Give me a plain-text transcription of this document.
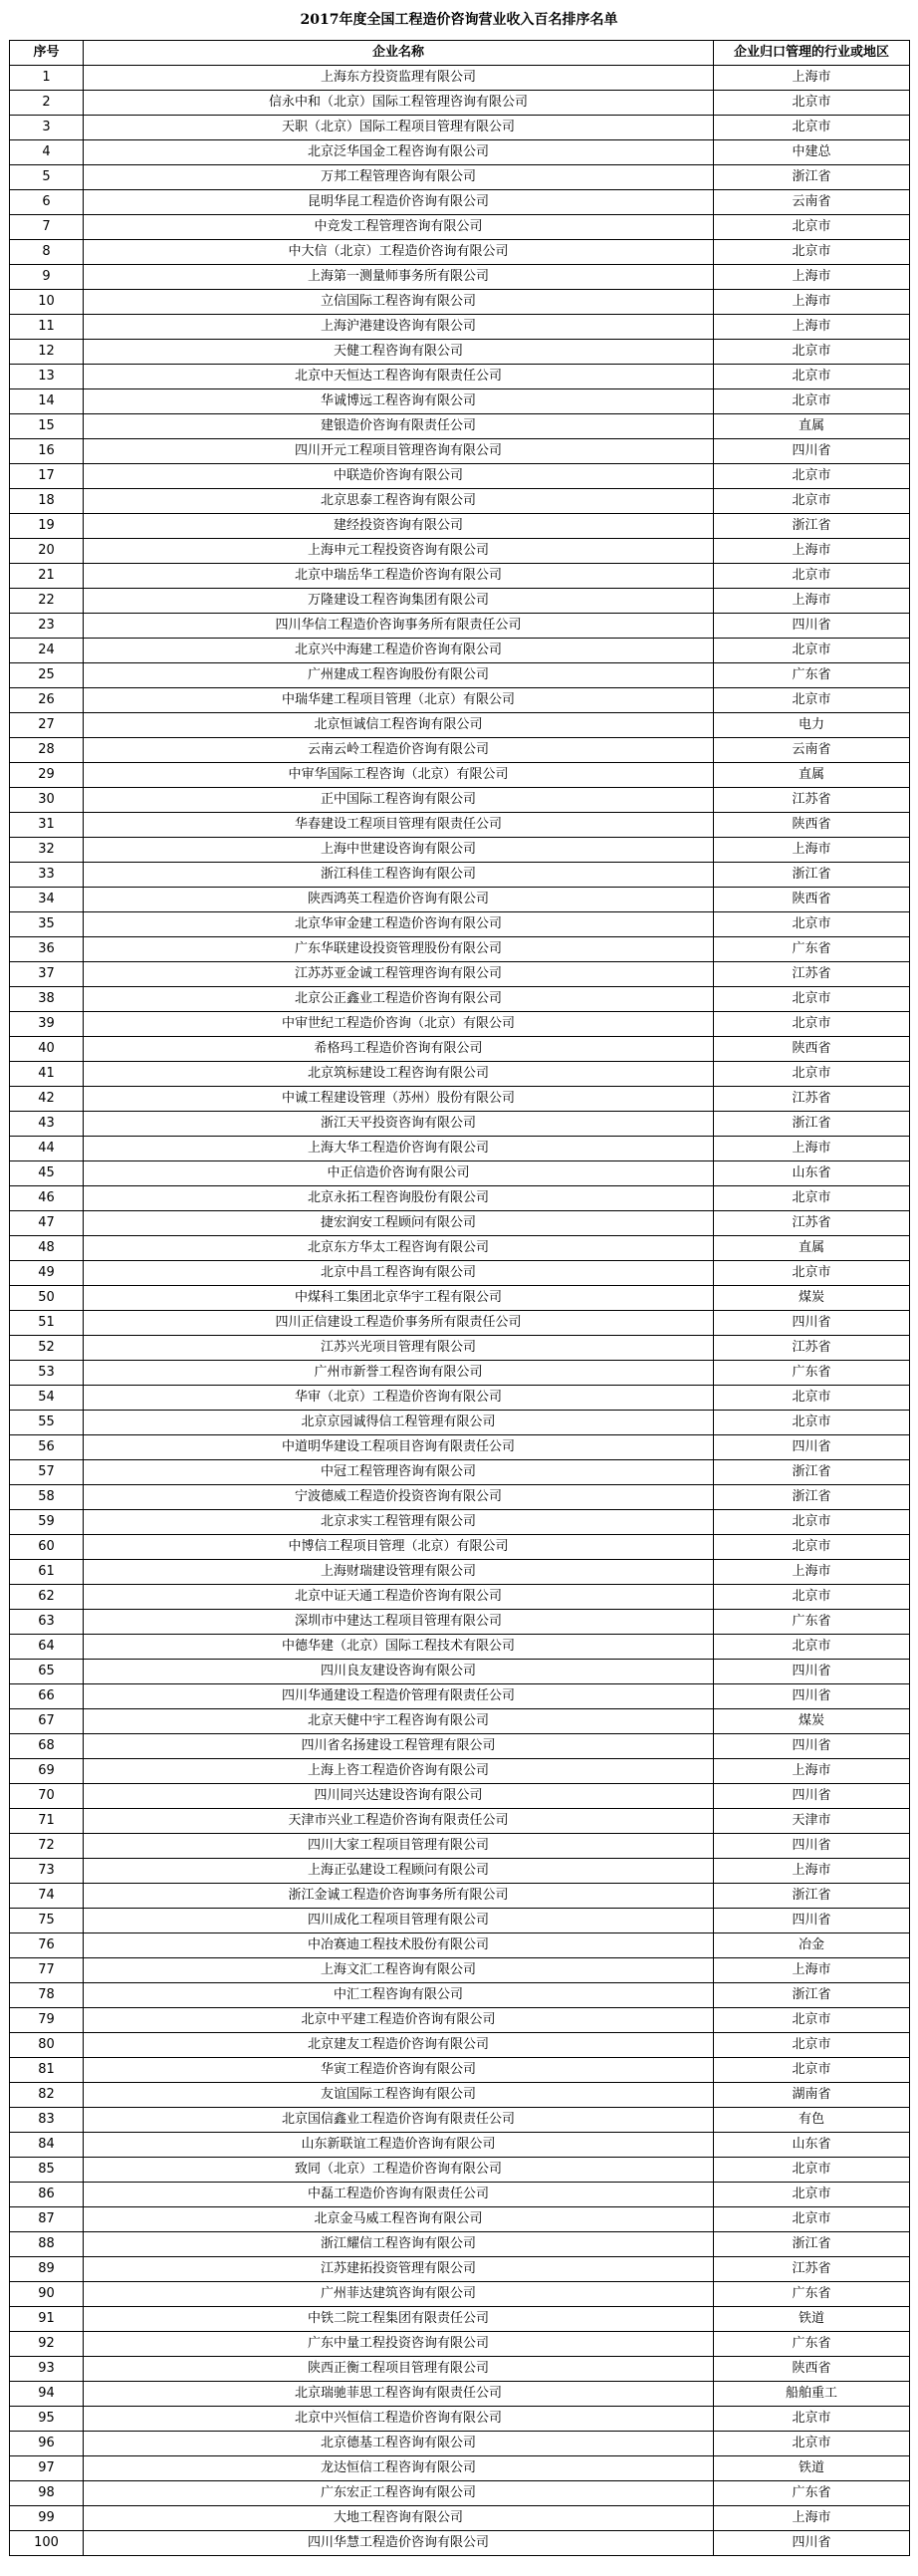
2017年度全国工程造价咨询营业收入百名排序名单
序号	企业名称	企业归口管理的行业或地区
1	上海东方投资监理有限公司	上海市
2	信永中和（北京）国际工程管理咨询有限公司	北京市
3	天职（北京）国际工程项目管理有限公司	北京市
4	北京泛华国金工程咨询有限公司	中建总
5	万邦工程管理咨询有限公司	浙江省
6	昆明华昆工程造价咨询有限公司	云南省
7	中竞发工程管理咨询有限公司	北京市
8	中大信（北京）工程造价咨询有限公司	北京市
9	上海第一测量师事务所有限公司	上海市
10	立信国际工程咨询有限公司	上海市
11	上海沪港建设咨询有限公司	上海市
12	天健工程咨询有限公司	北京市
13	北京中天恒达工程咨询有限责任公司	北京市
14	华诚博远工程咨询有限公司	北京市
15	建银造价咨询有限责任公司	直属
16	四川开元工程项目管理咨询有限公司	四川省
17	中联造价咨询有限公司	北京市
18	北京思泰工程咨询有限公司	北京市
19	建经投资咨询有限公司	浙江省
20	上海申元工程投资咨询有限公司	上海市
21	北京中瑞岳华工程造价咨询有限公司	北京市
22	万隆建设工程咨询集团有限公司	上海市
23	四川华信工程造价咨询事务所有限责任公司	四川省
24	北京兴中海建工程造价咨询有限公司	北京市
25	广州建成工程咨询股份有限公司	广东省
26	中瑞华建工程项目管理（北京）有限公司	北京市
27	北京恒诚信工程咨询有限公司	电力
28	云南云岭工程造价咨询有限公司	云南省
29	中审华国际工程咨询（北京）有限公司	直属
30	正中国际工程咨询有限公司	江苏省
31	华春建设工程项目管理有限责任公司	陕西省
32	上海中世建设咨询有限公司	上海市
33	浙江科佳工程咨询有限公司	浙江省
34	陕西鸿英工程造价咨询有限公司	陕西省
35	北京华审金建工程造价咨询有限公司	北京市
36	广东华联建设投资管理股份有限公司	广东省
37	江苏苏亚金诚工程管理咨询有限公司	江苏省
38	北京公正鑫业工程造价咨询有限公司	北京市
39	中审世纪工程造价咨询（北京）有限公司	北京市
40	希格玛工程造价咨询有限公司	陕西省
41	北京筑标建设工程咨询有限公司	北京市
42	中诚工程建设管理（苏州）股份有限公司	江苏省
43	浙江天平投资咨询有限公司	浙江省
44	上海大华工程造价咨询有限公司	上海市
45	中正信造价咨询有限公司	山东省
46	北京永拓工程咨询股份有限公司	北京市
47	捷宏润安工程顾问有限公司	江苏省
48	北京东方华太工程咨询有限公司	直属
49	北京中昌工程咨询有限公司	北京市
50	中煤科工集团北京华宇工程有限公司	煤炭
51	四川正信建设工程造价事务所有限责任公司	四川省
52	江苏兴光项目管理有限公司	江苏省
53	广州市新誉工程咨询有限公司	广东省
54	华审（北京）工程造价咨询有限公司	北京市
55	北京京园诚得信工程管理有限公司	北京市
56	中道明华建设工程项目咨询有限责任公司	四川省
57	中冠工程管理咨询有限公司	浙江省
58	宁波德威工程造价投资咨询有限公司	浙江省
59	北京求实工程管理有限公司	北京市
60	中博信工程项目管理（北京）有限公司	北京市
61	上海财瑞建设管理有限公司	上海市
62	北京中证天通工程造价咨询有限公司	北京市
63	深圳市中建达工程项目管理有限公司	广东省
64	中德华建（北京）国际工程技术有限公司	北京市
65	四川良友建设咨询有限公司	四川省
66	四川华通建设工程造价管理有限责任公司	四川省
67	北京天健中宇工程咨询有限公司	煤炭
68	四川省名扬建设工程管理有限公司	四川省
69	上海上咨工程造价咨询有限公司	上海市
70	四川同兴达建设咨询有限公司	四川省
71	天津市兴业工程造价咨询有限责任公司	天津市
72	四川大家工程项目管理有限公司	四川省
73	上海正弘建设工程顾问有限公司	上海市
74	浙江金诚工程造价咨询事务所有限公司	浙江省
75	四川成化工程项目管理有限公司	四川省
76	中冶赛迪工程技术股份有限公司	冶金
77	上海文汇工程咨询有限公司	上海市
78	中汇工程咨询有限公司	浙江省
79	北京中平建工程造价咨询有限公司	北京市
80	北京建友工程造价咨询有限公司	北京市
81	华寅工程造价咨询有限公司	北京市
82	友谊国际工程咨询有限公司	湖南省
83	北京国信鑫业工程造价咨询有限责任公司	有色
84	山东新联谊工程造价咨询有限公司	山东省
85	致同（北京）工程造价咨询有限公司	北京市
86	中磊工程造价咨询有限责任公司	北京市
87	北京金马威工程咨询有限公司	北京市
88	浙江耀信工程咨询有限公司	浙江省
89	江苏建拓投资管理有限公司	江苏省
90	广州菲达建筑咨询有限公司	广东省
91	中铁二院工程集团有限责任公司	铁道
92	广东中量工程投资咨询有限公司	广东省
93	陕西正衡工程项目管理有限公司	陕西省
94	北京瑞驰菲思工程咨询有限责任公司	船舶重工
95	北京中兴恒信工程造价咨询有限公司	北京市
96	北京德基工程咨询有限公司	北京市
97	龙达恒信工程咨询有限公司	铁道
98	广东宏正工程咨询有限公司	广东省
99	大地工程咨询有限公司	上海市
100	四川华慧工程造价咨询有限公司	四川省
